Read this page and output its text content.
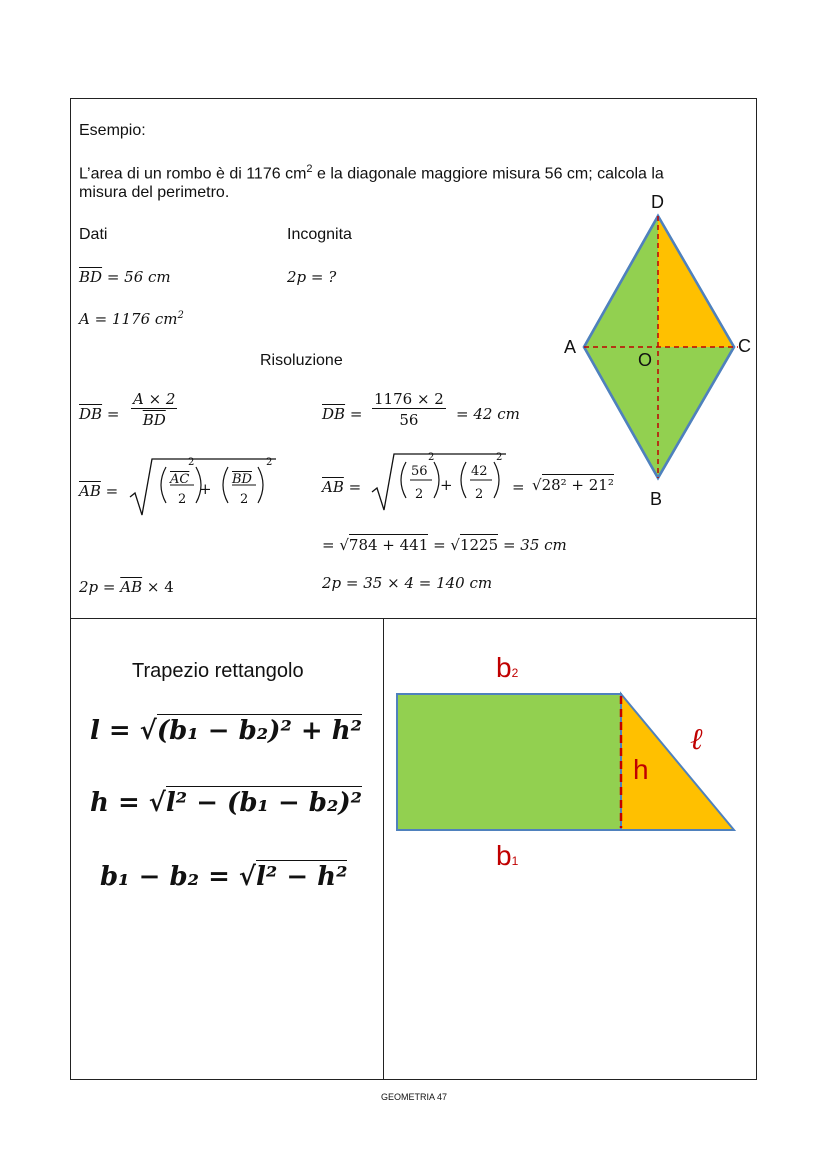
Esempio:
L’area di un rombo è di 1176 $cm^2$ e la diagonale maggiore misura 56 cm; calcola la
misura del perimetro.
Dati	Incognita
$\overline{BD} = 56$ cm	2p = ?
A = 1176 $cm^2$
Risoluzione
$\overline{DB} = \frac{A \times 2}{BD}$	$\overline{DB} = \frac{1176 \times 2}{56} = 42$ cm
$\overline{AB}$ =
$\overline{AC}$
2
2
+
$\overline{BD}$
2
2
$\overline{AB}$ =
56
2
2
+
42
2
2
= √28² + 21²
= √784 + 441 = √1225 = 35 cm
$2p = \overline{AB} \times 4$	2p = 35 × 4 = 140 cm
D
A	C
O
B
Trapezio rettangolo
l = √(b₁ − b₂)² + h²
h = √l² − (b₁ − b₂)²
b₁ − b₂ = √l² − h²
b2
b1
h
ℓ
GEOMETRIA 47
